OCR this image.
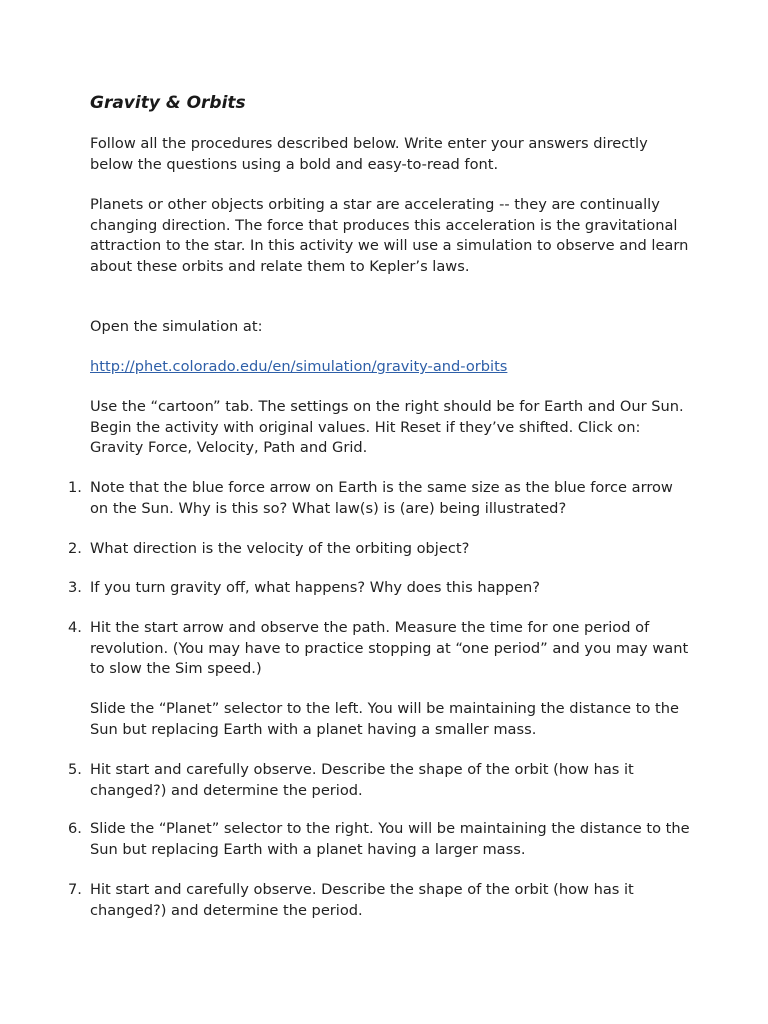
Gravity & Orbits

Follow all the procedures described below. Write enter your answers directly below the questions using a bold and easy-to-read font.

Planets or other objects orbiting a star are accelerating -- they are continually changing direction. The force that produces this acceleration is the gravitational attraction to the star. In this activity we will use a simulation to observe and learn about these orbits and relate them to Kepler’s laws.

Open the simulation at:

http://phet.colorado.edu/en/simulation/gravity-and-orbits

Use the “cartoon” tab. The settings on the right should be for Earth and Our Sun. Begin the activity with original values. Hit Reset if they’ve shifted. Click on: Gravity Force, Velocity, Path and Grid.

1. Note that the blue force arrow on Earth is the same size as the blue force arrow on the Sun. Why is this so? What law(s) is (are) being illustrated?
2. What direction is the velocity of the orbiting object?
3. If you turn gravity off, what happens? Why does this happen?
4. Hit the start arrow and observe the path. Measure the time for one period of revolution. (You may have to practice stopping at “one period” and you may want to slow the Sim speed.)

Slide the “Planet” selector to the left. You will be maintaining the distance to the Sun but replacing Earth with a planet having a smaller mass.

5. Hit start and carefully observe. Describe the shape of the orbit (how has it changed?) and determine the period.
6. Slide the “Planet” selector to the right. You will be maintaining the distance to the Sun but replacing Earth with a planet having a larger mass.
7. Hit start and carefully observe. Describe the shape of the orbit (how has it changed?) and determine the period.
